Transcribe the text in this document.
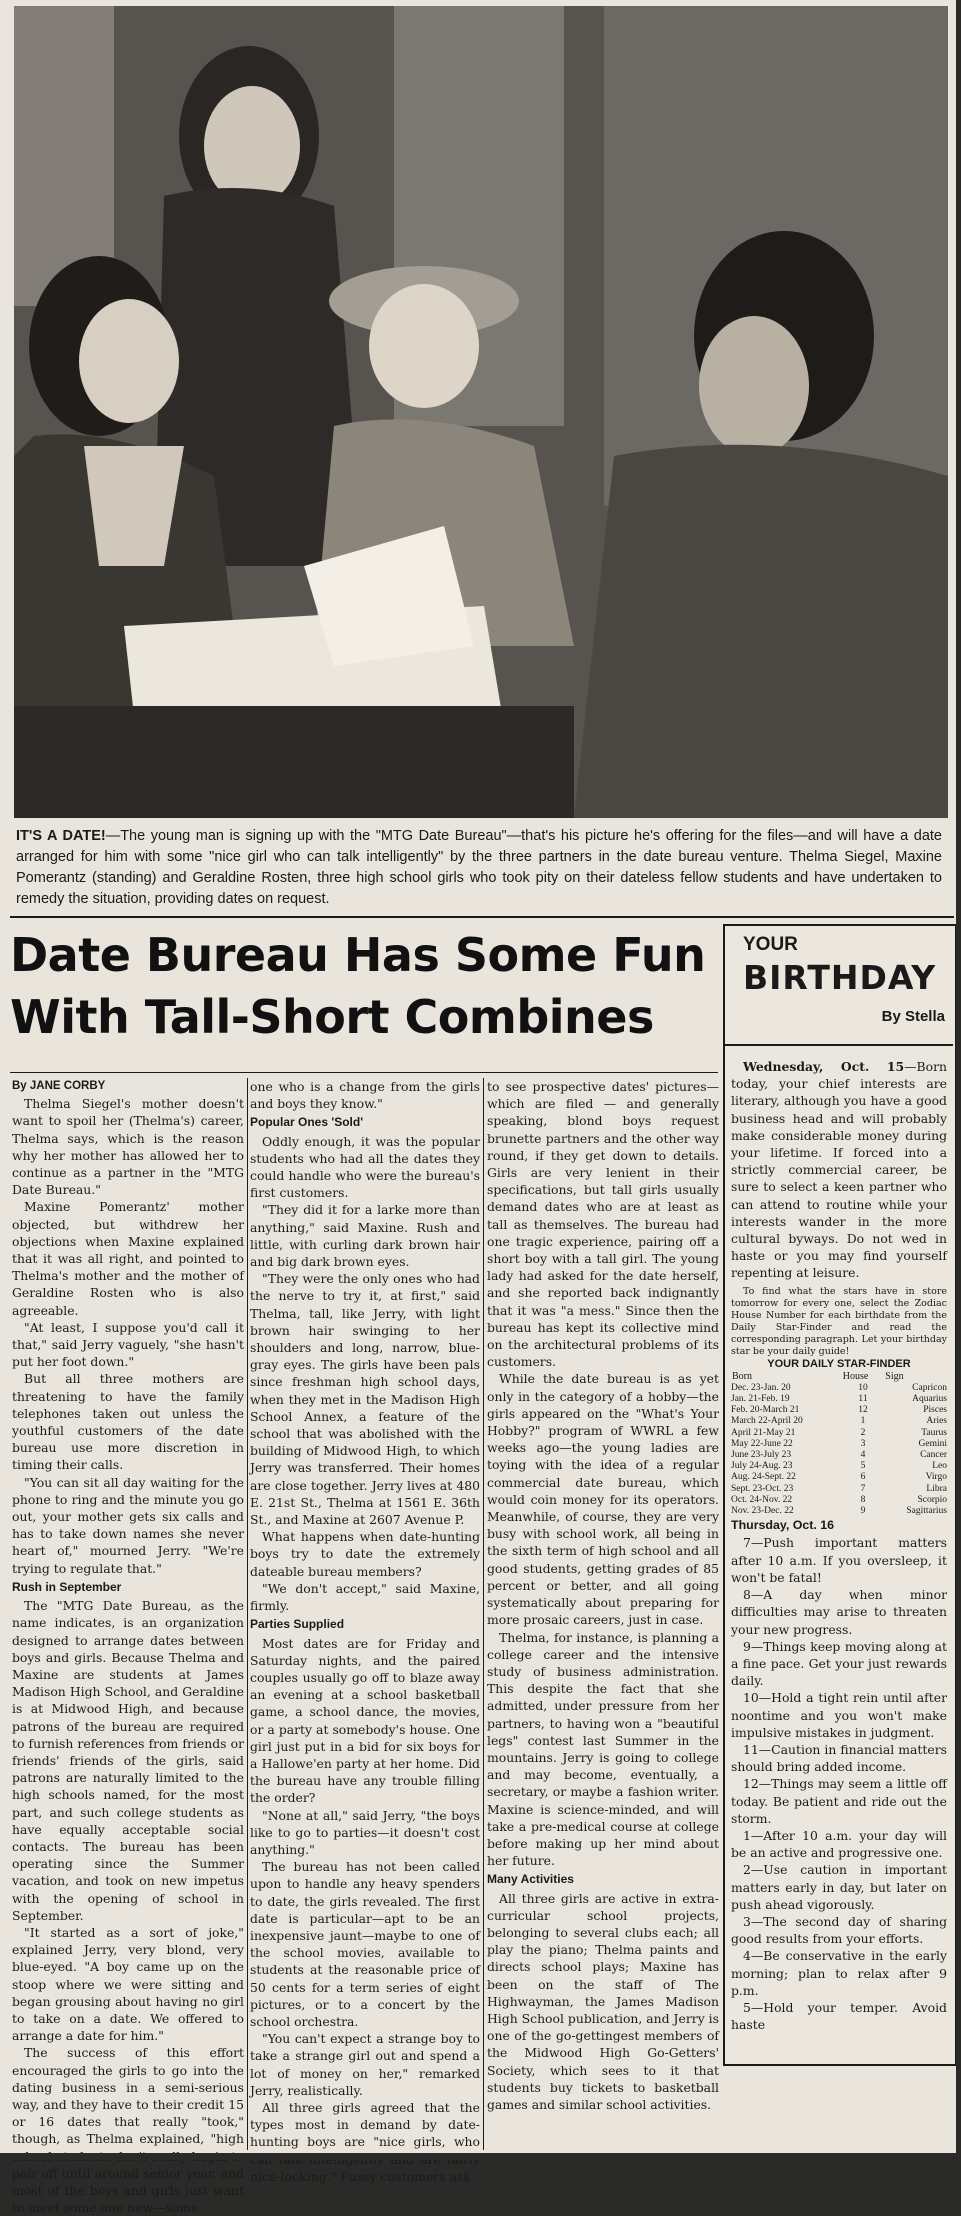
IT'S A DATE!—The young man is signing up with the "MTG Date Bureau"—that's his picture he's offering for the files—and will have a date arranged for him with some "nice girl who can talk intelligently" by the three partners in the date bureau venture. Thelma Siegel, Maxine Pomerantz (standing) and Geraldine Rosten, three high school girls who took pity on their dateless fellow students and have undertaken to remedy the situation, providing dates on request.
Date Bureau Has Some Fun
With Tall-Short Combines

By JANE CORBY

Thelma Siegel's mother doesn't want to spoil her (Thelma's) career, Thelma says, which is the reason why her mother has allowed her to continue as a partner in the "MTG Date Bureau."

Maxine Pomerantz' mother objected, but withdrew her objections when Maxine explained that it was all right, and pointed to Thelma's mother and the mother of Geraldine Rosten who is also agreeable.

"At least, I suppose you'd call it that," said Jerry vaguely, "she hasn't put her foot down."

But all three mothers are threatening to have the family telephones taken out unless the youthful customers of the date bureau use more discretion in timing their calls.

"You can sit all day waiting for the phone to ring and the minute you go out, your mother gets six calls and has to take down names she never heart of," mourned Jerry. "We're trying to regulate that."

Rush in September

The "MTG Date Bureau, as the name indicates, is an organization designed to arrange dates between boys and girls. Because Thelma and Maxine are students at James Madison High School, and Geraldine is at Midwood High, and because patrons of the bureau are required to furnish references from friends or friends' friends of the girls, said patrons are naturally limited to the high schools named, for the most part, and such college students as have equally acceptable social contacts. The bureau has been operating since the Summer vacation, and took on new impetus with the opening of school in September.

"It started as a sort of joke," explained Jerry, very blond, very blue-eyed. "A boy came up on the stoop where we were sitting and began grousing about having no girl to take on a date. We offered to arrange a date for him."

The success of this effort encouraged the girls to go into the dating business in a semi-serious way, and they have to their credit 15 or 16 dates that really "took," though, as Thelma explained, "high pair off until around senior year, and most of the boys and girls just want to meet some one new—some

one who is a change from the girls and boys they know."

Popular Ones 'Sold'

Oddly enough, it was the popular students who had all the dates they could handle who were the bureau's first customers.

"They did it for a larke more than anything," said Maxine. Rush and little, with curling dark brown hair and big dark brown eyes.

"They were the only ones who had the nerve to try it, at first," said Thelma, tall, like Jerry, with light brown hair swinging to her shoulders and long, narrow, blue-gray eyes. The girls have been pals since freshman high school days, when they met in the Madison High School Annex, a feature of the school that was abolished with the building of Midwood High, to which Jerry was transferred. Their homes are close together. Jerry lives at 480 E. 21st St., Thelma at 1561 E. 36th St., and Maxine at 2607 Avenue P.

What happens when date-hunting boys try to date the extremely dateable bureau members?

"We don't accept," said Maxine, firmly.

Parties Supplied

Most dates are for Friday and Saturday nights, and the paired couples usually go off to blaze away an evening at a school basketball game, a school dance, the movies, or a party at somebody's house. One girl just put in a bid for six boys for a Hallowe'en party at her home. Did the bureau have any trouble filling the order?

"None at all," said Jerry, "the boys like to go to parties—it doesn't cost anything."

The bureau has not been called upon to handle any heavy spenders to date, the girls revealed. The first date is particular—apt to be an inexpensive jaunt—maybe to one of the school movies, available to students at the reasonable price of 50 cents for a term series of eight pictures, or to a concert by the school orchestra.

"You can't expect a strange boy to take a strange girl out and spend a lot of money on her," remarked Jerry, realistically.

All three girls agreed that the types most in demand by date-hunting boys are "nice girls, who nice-looking." Fussy customers ask

to see prospective dates' pictures—which are filed — and generally speaking, blond boys request brunette partners and the other way round, if they get down to details. Girls are very lenient in their specifications, but tall girls usually demand dates who are at least as tall as themselves. The bureau had one tragic experience, pairing off a short boy with a tall girl. The young lady had asked for the date herself, and she reported back indignantly that it was "a mess." Since then the bureau has kept its collective mind on the architectural problems of its customers.

While the date bureau is as yet only in the category of a hobby—the girls appeared on the "What's Your Hobby?" program of WWRL a few weeks ago—the young ladies are toying with the idea of a regular commercial date bureau, which would coin money for its operators. Meanwhile, of course, they are very busy with school work, all being in the sixth term of high school and all good students, getting grades of 85 percent or better, and all going systematically about preparing for more prosaic careers, just in case.

Thelma, for instance, is planning a college career and the intensive study of business administration. This despite the fact that she admitted, under pressure from her partners, to having won a "beautiful legs" contest last Summer in the mountains. Jerry is going to college and may become, eventually, a secretary, or maybe a fashion writer. Maxine is science-minded, and will take a pre-medical course at college before making up her mind about her future.

Many Activities

All three girls are active in extra-curricular school projects, belonging to several clubs each; all play the piano; Thelma paints and directs school plays; Maxine has been on the staff of The Highwayman, the James Madison High School publication, and Jerry is one of the go-gettingest members of the Midwood High Go-Getters' Society, which sees to it that students buy tickets to basketball games and similar school activities.

YOUR
BIRTHDAY
By Stella

Wednesday, Oct. 15—Born today, your chief interests are literary, although you have a good business head and will probably make considerable money during your lifetime. If forced into a strictly commercial career, be sure to select a keen partner who can attend to routine while your interests wander in the more cultural byways. Do not wed in haste or you may find yourself repenting at leisure.

To find what the stars have in store tomorrow for every one, select the Zodiac House Number for each birthdate from the Daily Star-Finder and read the corresponding paragraph. Let your birthday star be your daily guide!

YOUR DAILY STAR-FINDER

Born	House	Sign
Dec. 23-Jan. 20	10	Capricon
Jan. 21-Feb. 19	11	Aquarius
Feb. 20-March 21	12	Pisces
March 22-April 20	1	Aries
April 21-May 21	2	Taurus
May 22-June 22	3	Gemini
June 23-July 23	4	Cancer
July 24-Aug. 23	5	Leo
Aug. 24-Sept. 22	6	Virgo
Sept. 23-Oct. 23	7	Libra
Oct. 24-Nov. 22	8	Scorpio
Nov. 23-Dec. 22	9	Sagittarius

Thursday, Oct. 16

7—Push important matters after 10 a.m. If you oversleep, it won't be fatal!

8—A day when minor difficulties may arise to threaten your new progress.

9—Things keep moving along at a fine pace. Get your just rewards daily.

10—Hold a tight rein until after noontime and you won't make impulsive mistakes in judgment.

11—Caution in financial matters should bring added income.

12—Things may seem a little off today. Be patient and ride out the storm.

1—After 10 a.m. your day will be an active and progressive one.

2—Use caution in important matters early in day, but later on push ahead vigorously.

3—The second day of sharing good results from your efforts.

4—Be conservative in the early morning; plan to relax after 9 p.m.

5—Hold your temper. Avoid haste
